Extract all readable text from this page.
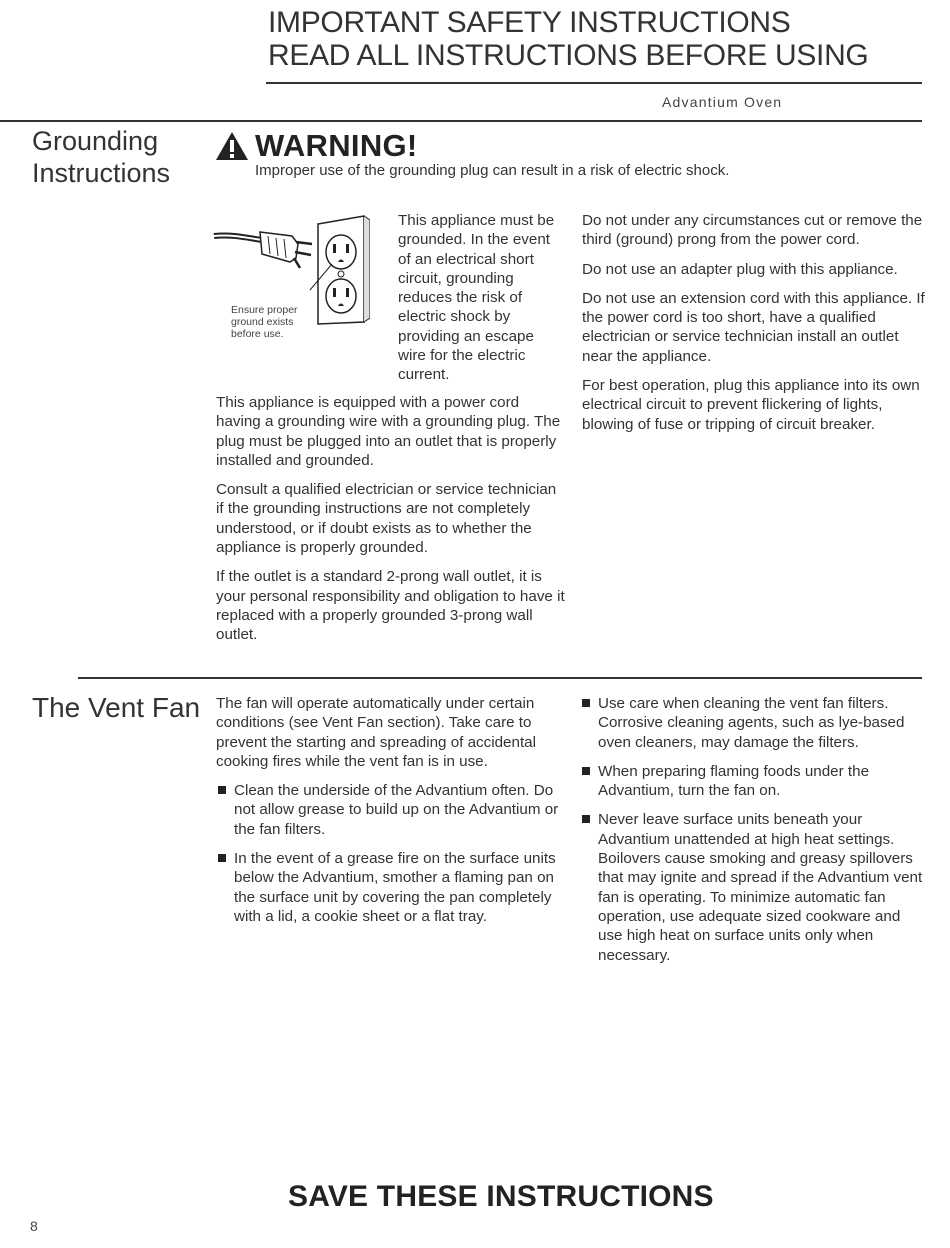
IMPORTANT SAFETY INSTRUCTIONS
READ ALL INSTRUCTIONS BEFORE USING
Advantium Oven
Grounding
Instructions
WARNING!
Improper use of the grounding plug can result in a risk of electric shock.
Ensure proper
ground exists
before use.

This appliance must be grounded. In the event of an electrical short circuit, grounding reduces the risk of electric shock by providing an escape wire for the electric current.

This appliance is equipped with a power cord having a grounding wire with a grounding plug. The plug must be plugged into an outlet that is properly installed and grounded.

Consult a qualified electrician or service technician if the grounding instructions are not completely understood, or if doubt exists as to whether the appliance is properly grounded.

If the outlet is a standard 2-prong wall outlet, it is your personal responsibility and obligation to have it replaced with a properly grounded 3-prong wall outlet.

Do not under any circumstances cut or remove the third (ground) prong from the power cord.

Do not use an adapter plug with this appliance.

Do not use an extension cord with this appliance. If the power cord is too short, have a qualified electrician or service technician install an outlet near the appliance.

For best operation, plug this appliance into its own electrical circuit to prevent flickering of lights, blowing of fuse or tripping of circuit breaker.

The Vent Fan The fan will operate automatically under certain conditions (see Vent Fan section). Take care to prevent the starting and spreading of accidental cooking fires while the vent fan is in use.

Clean the underside of the Advantium often. Do not allow grease to build up on the Advantium or the fan filters.
In the event of a grease fire on the surface units below the Advantium, smother a flaming pan on the surface unit by covering the pan completely with a lid, a cookie sheet or a flat tray.
Use care when cleaning the vent fan filters. Corrosive cleaning agents, such as lye-based oven cleaners, may damage the filters.
When preparing flaming foods under the Advantium, turn the fan on.
Never leave surface units beneath your Advantium unattended at high heat settings. Boilovers cause smoking and greasy spillovers that may ignite and spread if the Advantium vent fan is operating. To minimize automatic fan operation, use adequate sized cookware and use high heat on surface units only when necessary.
SAVE THESE INSTRUCTIONS
8
